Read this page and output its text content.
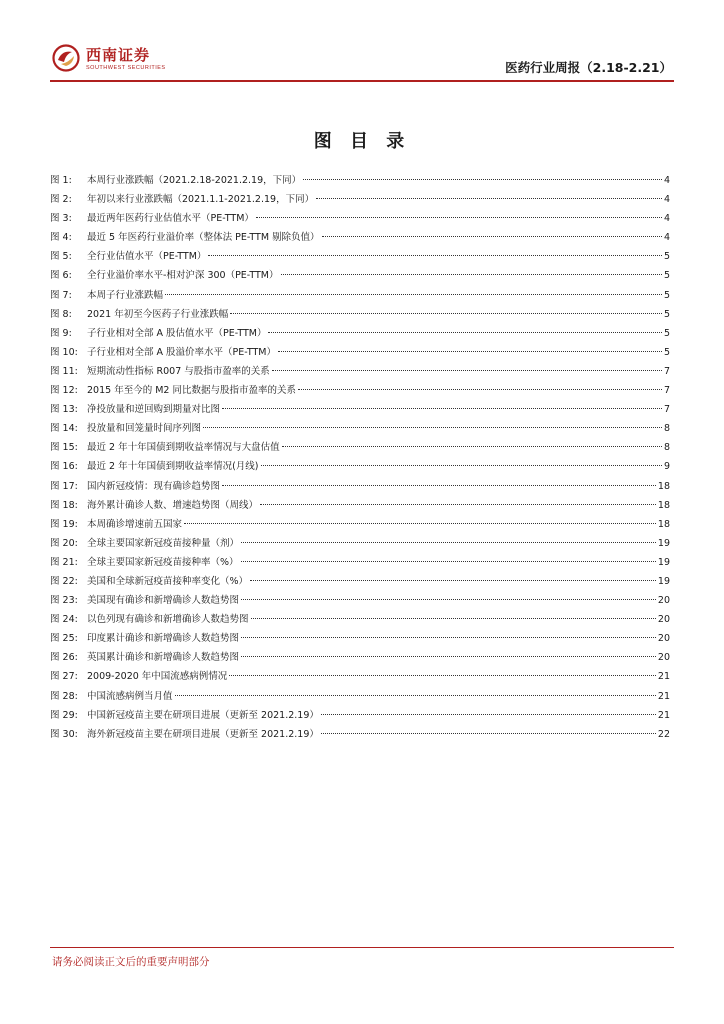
西南证券
SOUTHWEST SECURITIES	医药行业周报（2.18-2.21）
图 目 录
图 1:	本周行业涨跌幅（2021.2.18-2021.2.19，下同）	4
图 2:	年初以来行业涨跌幅（2021.1.1-2021.2.19，下同）	4
图 3:	最近两年医药行业估值水平（PE-TTM）	4
图 4:	最近 5 年医药行业溢价率（整体法 PE-TTM 剔除负值）	4
图 5:	全行业估值水平（PE-TTM）	5
图 6:	全行业溢价率水平-相对沪深 300（PE-TTM）	5
图 7:	本周子行业涨跌幅	5
图 8:	2021 年初至今医药子行业涨跌幅	5
图 9:	子行业相对全部 A 股估值水平（PE-TTM）	5
图 10: 子行业相对全部 A 股溢价率水平（PE-TTM）	5
图 11: 短期流动性指标 R007 与股指市盈率的关系	7
图 12: 2015 年至今的 M2 同比数据与股指市盈率的关系	7
图 13: 净投放量和逆回购到期量对比图	7
图 14: 投放量和回笼量时间序列图	8
图 15: 最近 2 年十年国债到期收益率情况与大盘估值	8
图 16: 最近 2 年十年国债到期收益率情况(月线)	9
图 17: 国内新冠疫情：现有确诊趋势图	18
图 18: 海外累计确诊人数、增速趋势图（周线）	18
图 19: 本周确诊增速前五国家	18
图 20: 全球主要国家新冠疫苗接种量（剂）	19
图 21: 全球主要国家新冠疫苗接种率（%）	19
图 22: 美国和全球新冠疫苗接种率变化（%）	19
图 23: 美国现有确诊和新增确诊人数趋势图	20
图 24: 以色列现有确诊和新增确诊人数趋势图	20
图 25: 印度累计确诊和新增确诊人数趋势图	20
图 26: 英国累计确诊和新增确诊人数趋势图	20
图 27: 2009-2020 年中国流感病例情况	21
图 28: 中国流感病例当月值	21
图 29: 中国新冠疫苗主要在研项目进展（更新至 2021.2.19）	21
图 30: 海外新冠疫苗主要在研项目进展（更新至 2021.2.19）	22
请务必阅读正文后的重要声明部分
